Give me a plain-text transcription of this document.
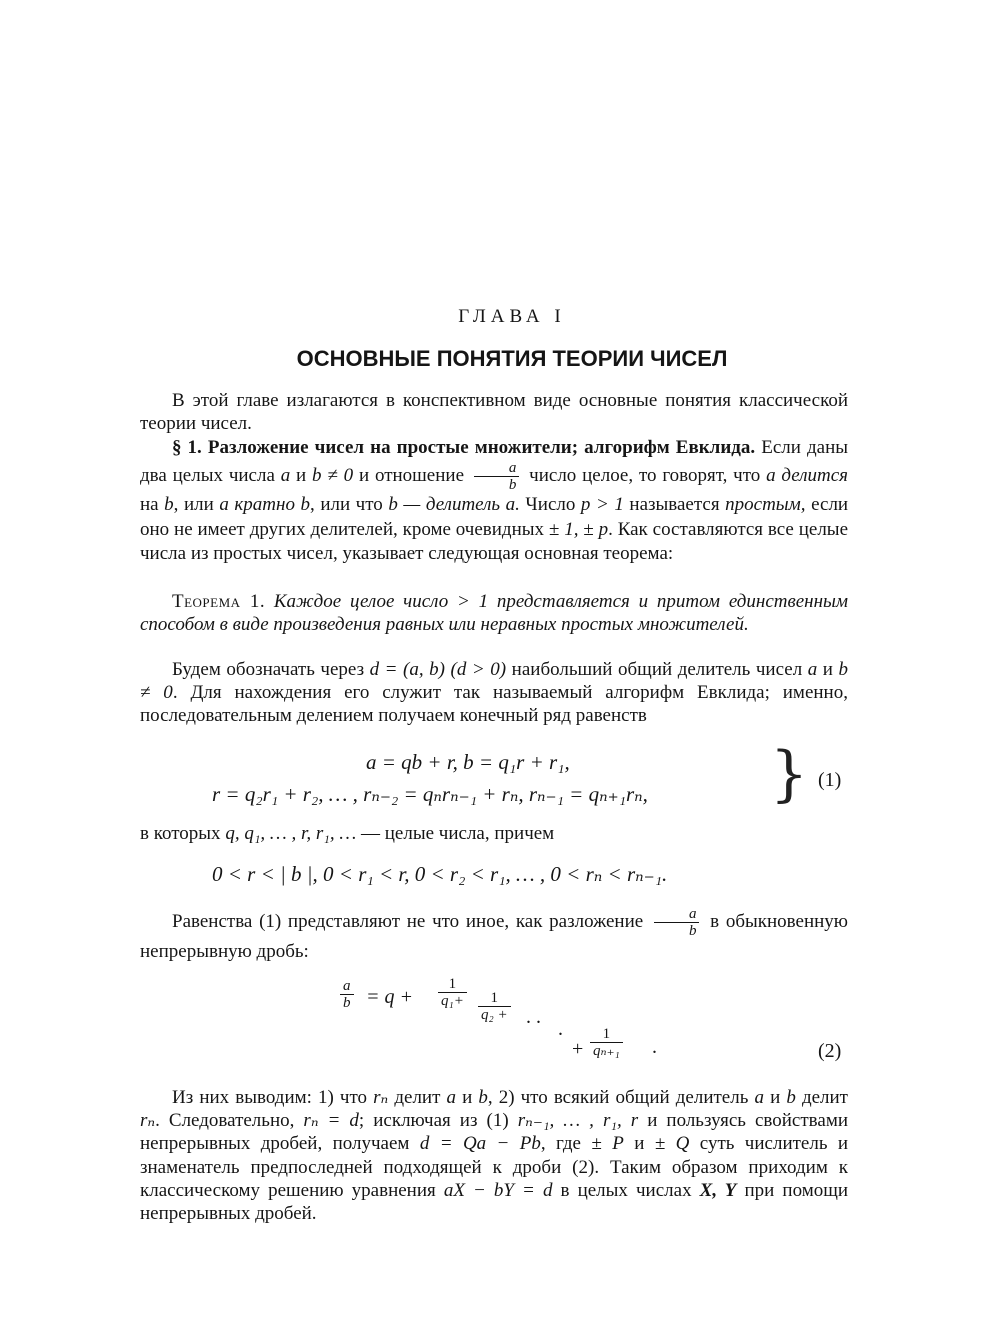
ГЛАВА I
ОСНОВНЫЕ ПОНЯТИЯ ТЕОРИИ ЧИСЕЛ
В этой главе излагаются в конспективном виде основные понятия классической теории чисел.
§ 1. Разложение чисел на простые множители; алгорифм Евклида. Если даны два целых числа a и b ≠ 0 и отношение $\frac{a}{b}$ число целое, то говорят, что a делится на b, или a кратно b, или что b — делитель a. Число p > 1 называется простым, если оно не имеет других делителей, кроме очевидных ± 1, ± p. Как составляются все целые числа из простых чисел, указывает следующая основная теорема:
Теорема 1. Каждое целое число > 1 представляется и притом единственным способом в виде произведения равных или неравных простых множителей.
Будем обозначать через d = (a, b) (d > 0) наибольший общий делитель чисел a и b ≠ 0. Для нахождения его служит так называемый алгорифм Евклида; именно, последовательным делением получаем конечный ряд равенств
a = qb + r, b = q₁r + r₁,
r = q₂r₁ + r₂, … , rₙ₋₂ = qₙrₙ₋₁ + rₙ, rₙ₋₁ = qₙ₊₁rₙ, } (1)
в которых q, q₁, … , r, r₁, … — целые числа, причем
0 < r < | b |, 0 < r₁ < r, 0 < r₂ < r₁, … , 0 < rₙ < rₙ₋₁.
Равенства (1) представляют не что иное, как разложение $\frac{a}{b}$ в обыкновенную непрерывную дробь:
$\frac{a}{b} = q + \frac{1}{\text{q₁+}} \frac{1}{\text{q₂ +}}$ . .
.
+ $\frac{1}{\text{qₙ₊₁}}$ .	(2)
Из них выводим: 1) что rₙ делит a и b, 2) что всякий общий делитель a и b делит rₙ. Следовательно, rₙ = d; исключая из (1) rₙ₋₁, … , r₁, r и пользуясь свойствами непрерывных дробей, получаем d = Qa − Pb, где ± P и ± Q суть числитель и знаменатель предпоследней подходящей к дроби (2). Таким образом приходим к классическому решению уравнения aX − bY = d в целых числах X, Y при помощи непрерывных дробей.
